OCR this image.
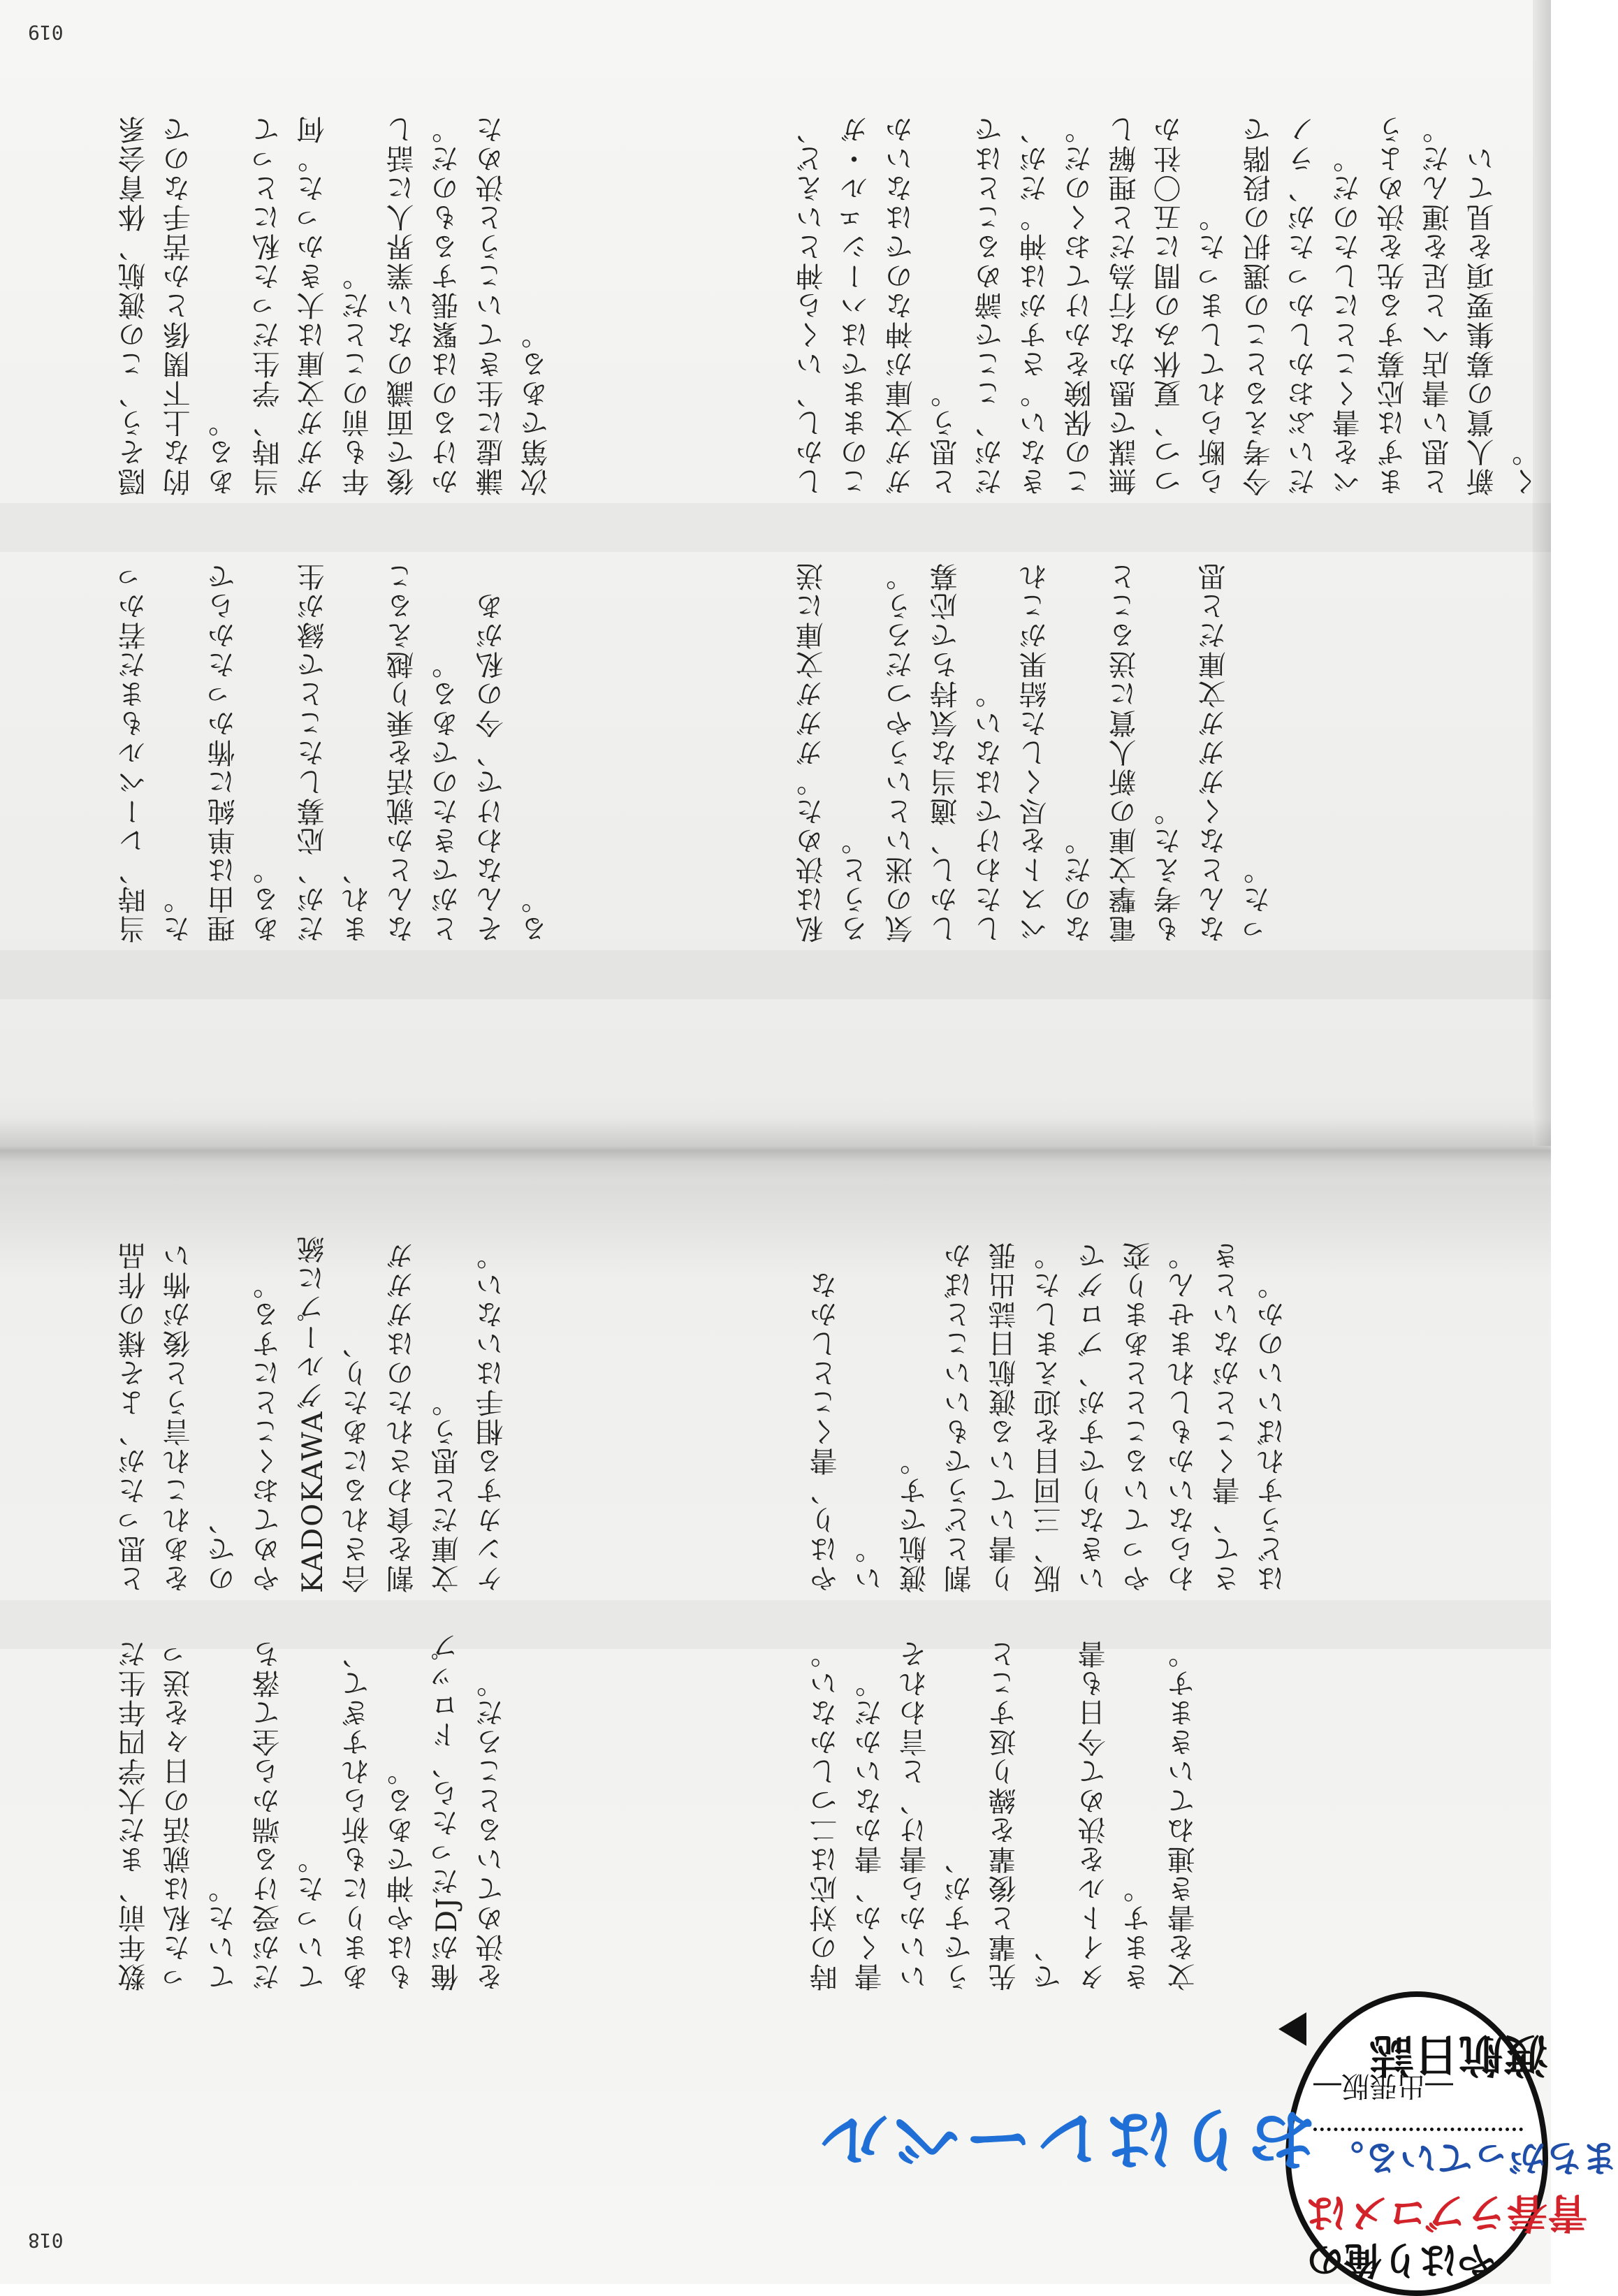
019
018
しかし、いくら神といえど、このままではハーシェル・ガガガ文庫が神なのではないかと思う。
だが、ここで諦めることはできない。さすがは神。だが、この保険をかけておくのだ。
無謀で愚かな行為だと理解しつつ、夏休みの間に五〇社から断られてしまった。
今考えるとこの選択の段階でだいぶおかしかったが、ラノベを書くことにしたのだ。
まずは応募する先を決めようと思い書店へと足を運んだ。新人賞の募集要項を見ていく。
隠そう、この渡航、体育会系的な上下関係とか苦手なのである。
当時、学生だった私にとってガガガ文庫は大きかった。何年も前のことだ。
後で面識のない業界人に話しかけるのは緊張するものだ。
謙虚に生きていこうと決めた次第である。
私は決めた。ガガガ文庫に送ろうと。
気の迷いというやつだろう。
しかし、適当な気持ちで応募したわけではない。
ベストを尽くした結果がこれなのだ。
電撃文庫の新人賞に送ることも考えた。
なんとなくガガガ文庫だと思った。
当時、レーベルもまだ若かった。
理由は単純に怖かったからである。
だが、応募したことで縁が生まれ、
なんとか就活を乗り越えることができたのである。
そんなわけで、今の私がある。
やはり、書くことしかない。
渡航です。
割とどうでもいいことばかり書いている渡航日誌出張版、三回目を迎えました。
いきなりですが、ブログでやっていることとあまり変わらないかもしれません。
さて、書くことがないときはどうすればいいのか。
と思ったが、よそ様の作品をあれこれ言うと後が怖いので、
やめておくことにする。
KADOKAWAグループに統合されるにあたり、
割を食わされたのはガガガ文庫だと思う。
ケンカする相手はいない。
時の対応は二つしかない。書くか、書かないかだ。
いいから書け、と言われそうですが、
先輩と後輩を繰り返すことで、
タイトルを決めて今日も書きます。
文を書き連ねていきます。
数年前、まだ大学四年生だった私は就活の日々を送っていた。
だが受ける端から全て落ちていった。
あまりにも祈られすぎて、もはや神である。
俺がDJだったら、ドロップを決めているところだ。
やはり俺の
青春ラブコメは
まちがっている。
渡航日誌
―出張版―
おりはレーベル
